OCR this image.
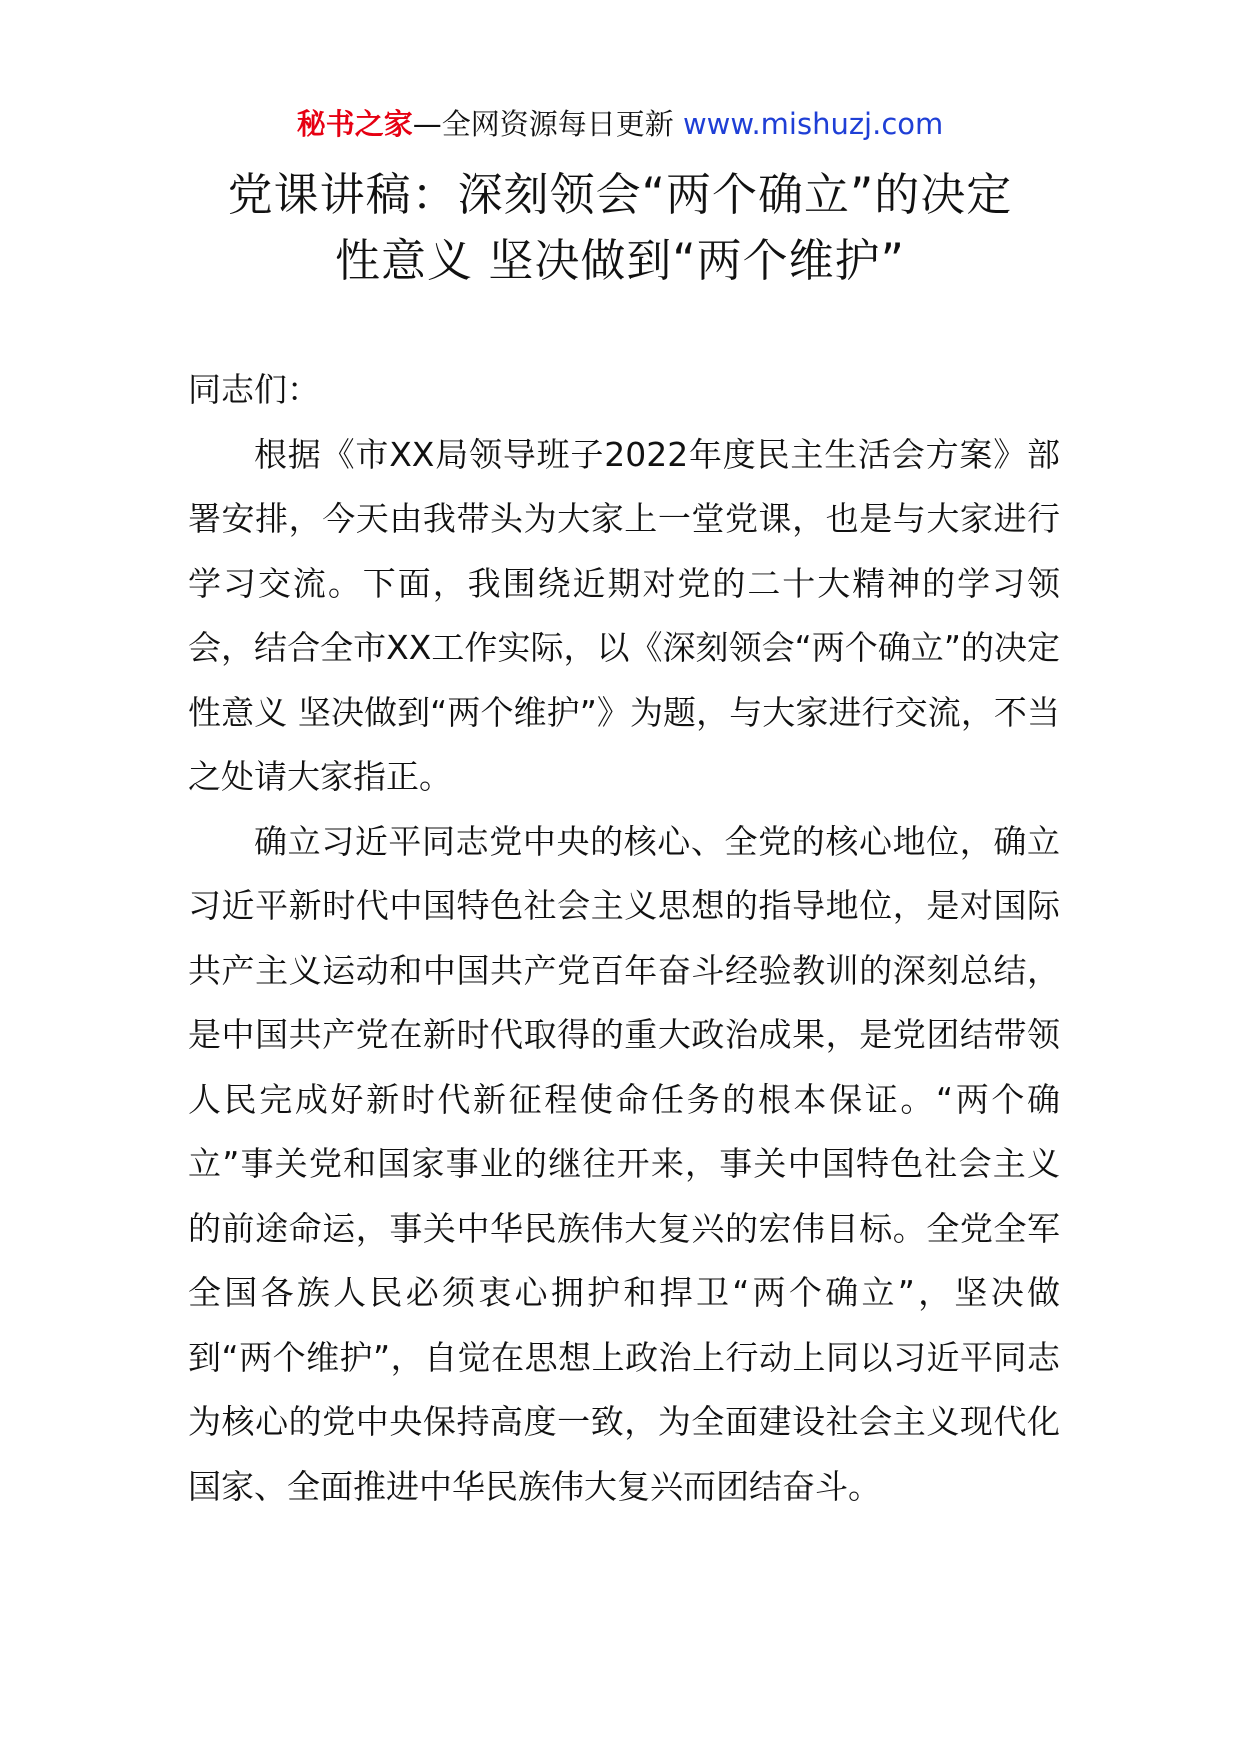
秘书之家—全网资源每日更新 www.mishuzj.com
党课讲稿：深刻领会“两个确立”的决定
性意义 坚决做到“两个维护”

同志们：

根据《市XX局领导班子2022年度民主生活会方案》部署安排，今天由我带头为大家上一堂党课，也是与大家进行学习交流。下面，我围绕近期对党的二十大精神的学习领会，结合全市XX工作实际，以《深刻领会“两个确立”的决定性意义 坚决做到“两个维护”》为题，与大家进行交流，不当之处请大家指正。

确立习近平同志党中央的核心、全党的核心地位，确立习近平新时代中国特色社会主义思想的指导地位，是对国际共产主义运动和中国共产党百年奋斗经验教训的深刻总结，是中国共产党在新时代取得的重大政治成果，是党团结带领人民完成好新时代新征程使命任务的根本保证。“两个确立”事关党和国家事业的继往开来，事关中国特色社会主义的前途命运，事关中华民族伟大复兴的宏伟目标。全党全军全国各族人民必须衷心拥护和捍卫“两个确立”，坚决做到“两个维护”，自觉在思想上政治上行动上同以习近平同志为核心的党中央保持高度一致，为全面建设社会主义现代化国家、全面推进中华民族伟大复兴而团结奋斗。
